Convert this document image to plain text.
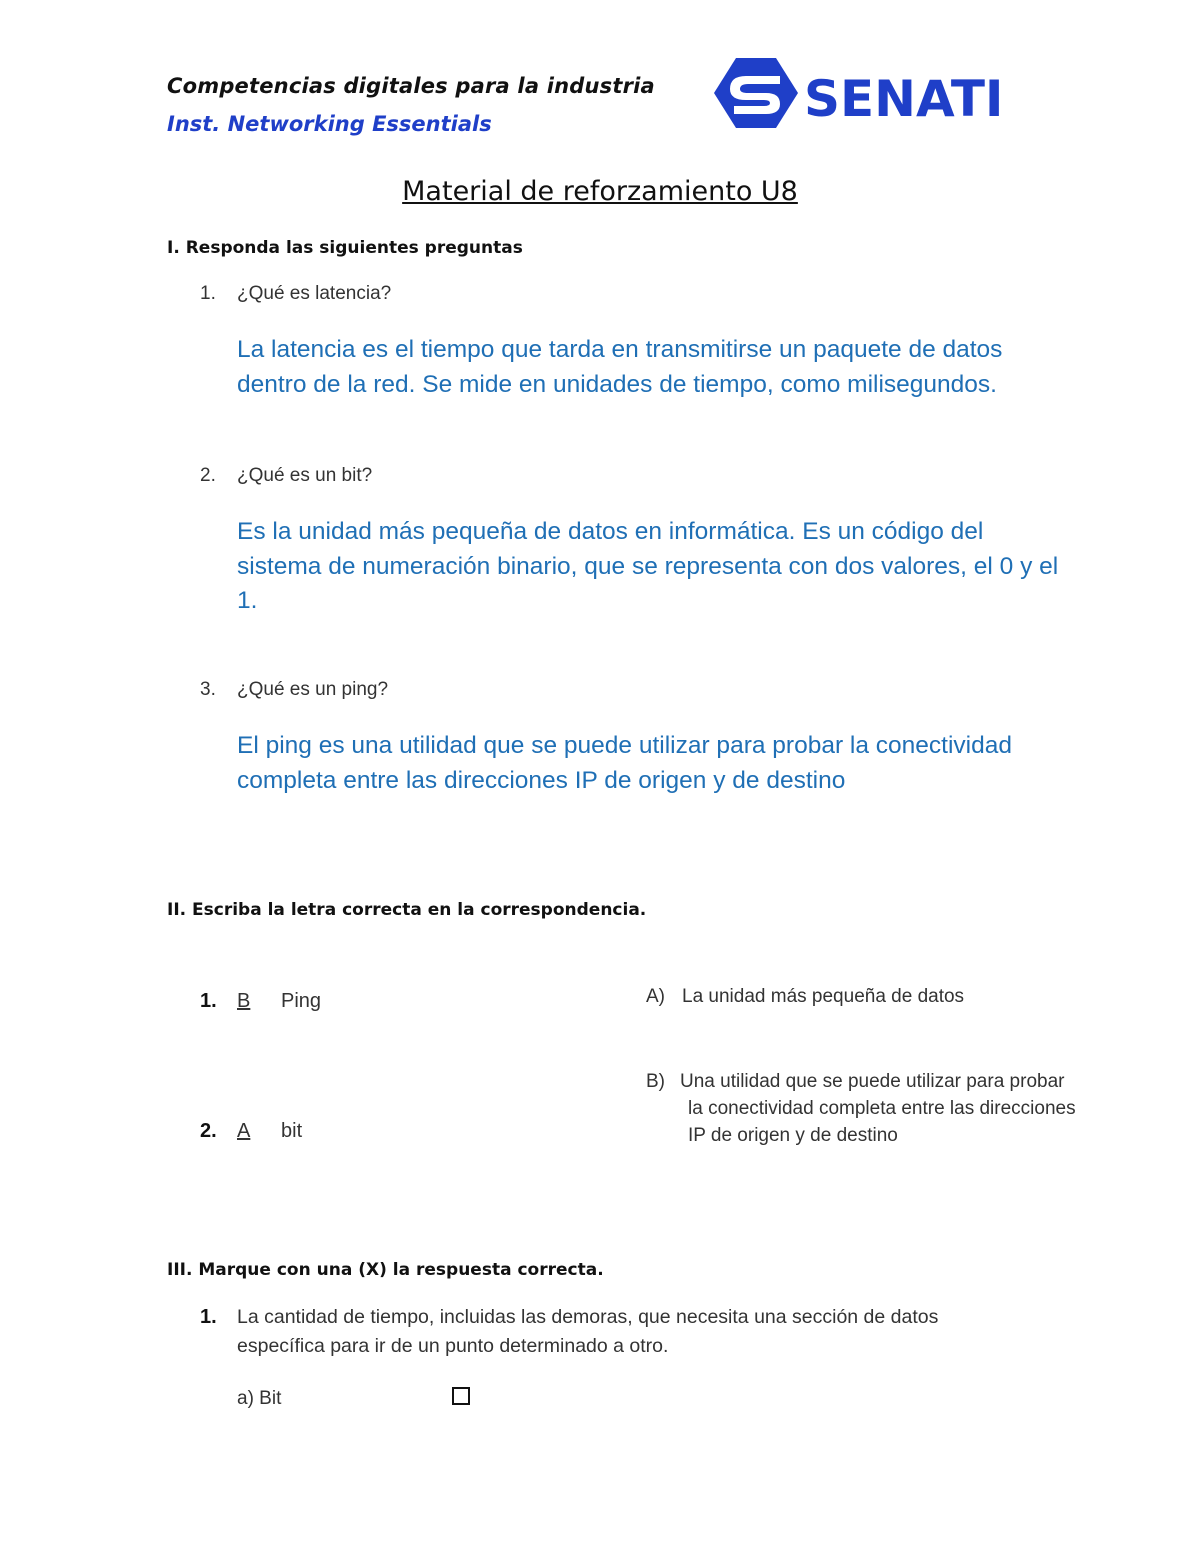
Competencias digitales para la industria
Inst. Networking Essentials	SENATI
Material de reforzamiento U8
I. Responda las siguientes preguntas
1. ¿Qué es latencia?
La latencia es el tiempo que tarda en transmitirse un paquete de datos dentro de la red. Se mide en unidades de tiempo, como milisegundos.
2. ¿Qué es un bit?
Es la unidad más pequeña de datos en informática. Es un código del sistema de numeración binario, que se representa con dos valores, el 0 y el 1.
3. ¿Qué es un ping?
El ping es una utilidad que se puede utilizar para probar la conectividad completa entre las direcciones IP de origen y de destino
II. Escriba la letra correcta en la correspondencia.
1. B Ping
2. A bit
A) La unidad más pequeña de datos
B) Una utilidad que se puede utilizar para probar
la conectividad completa entre las direcciones
IP de origen y de destino
III. Marque con una (X) la respuesta correcta.
1. La cantidad de tiempo, incluidas las demoras, que necesita una sección de datos
específica para ir de un punto determinado a otro.
a) Bit
